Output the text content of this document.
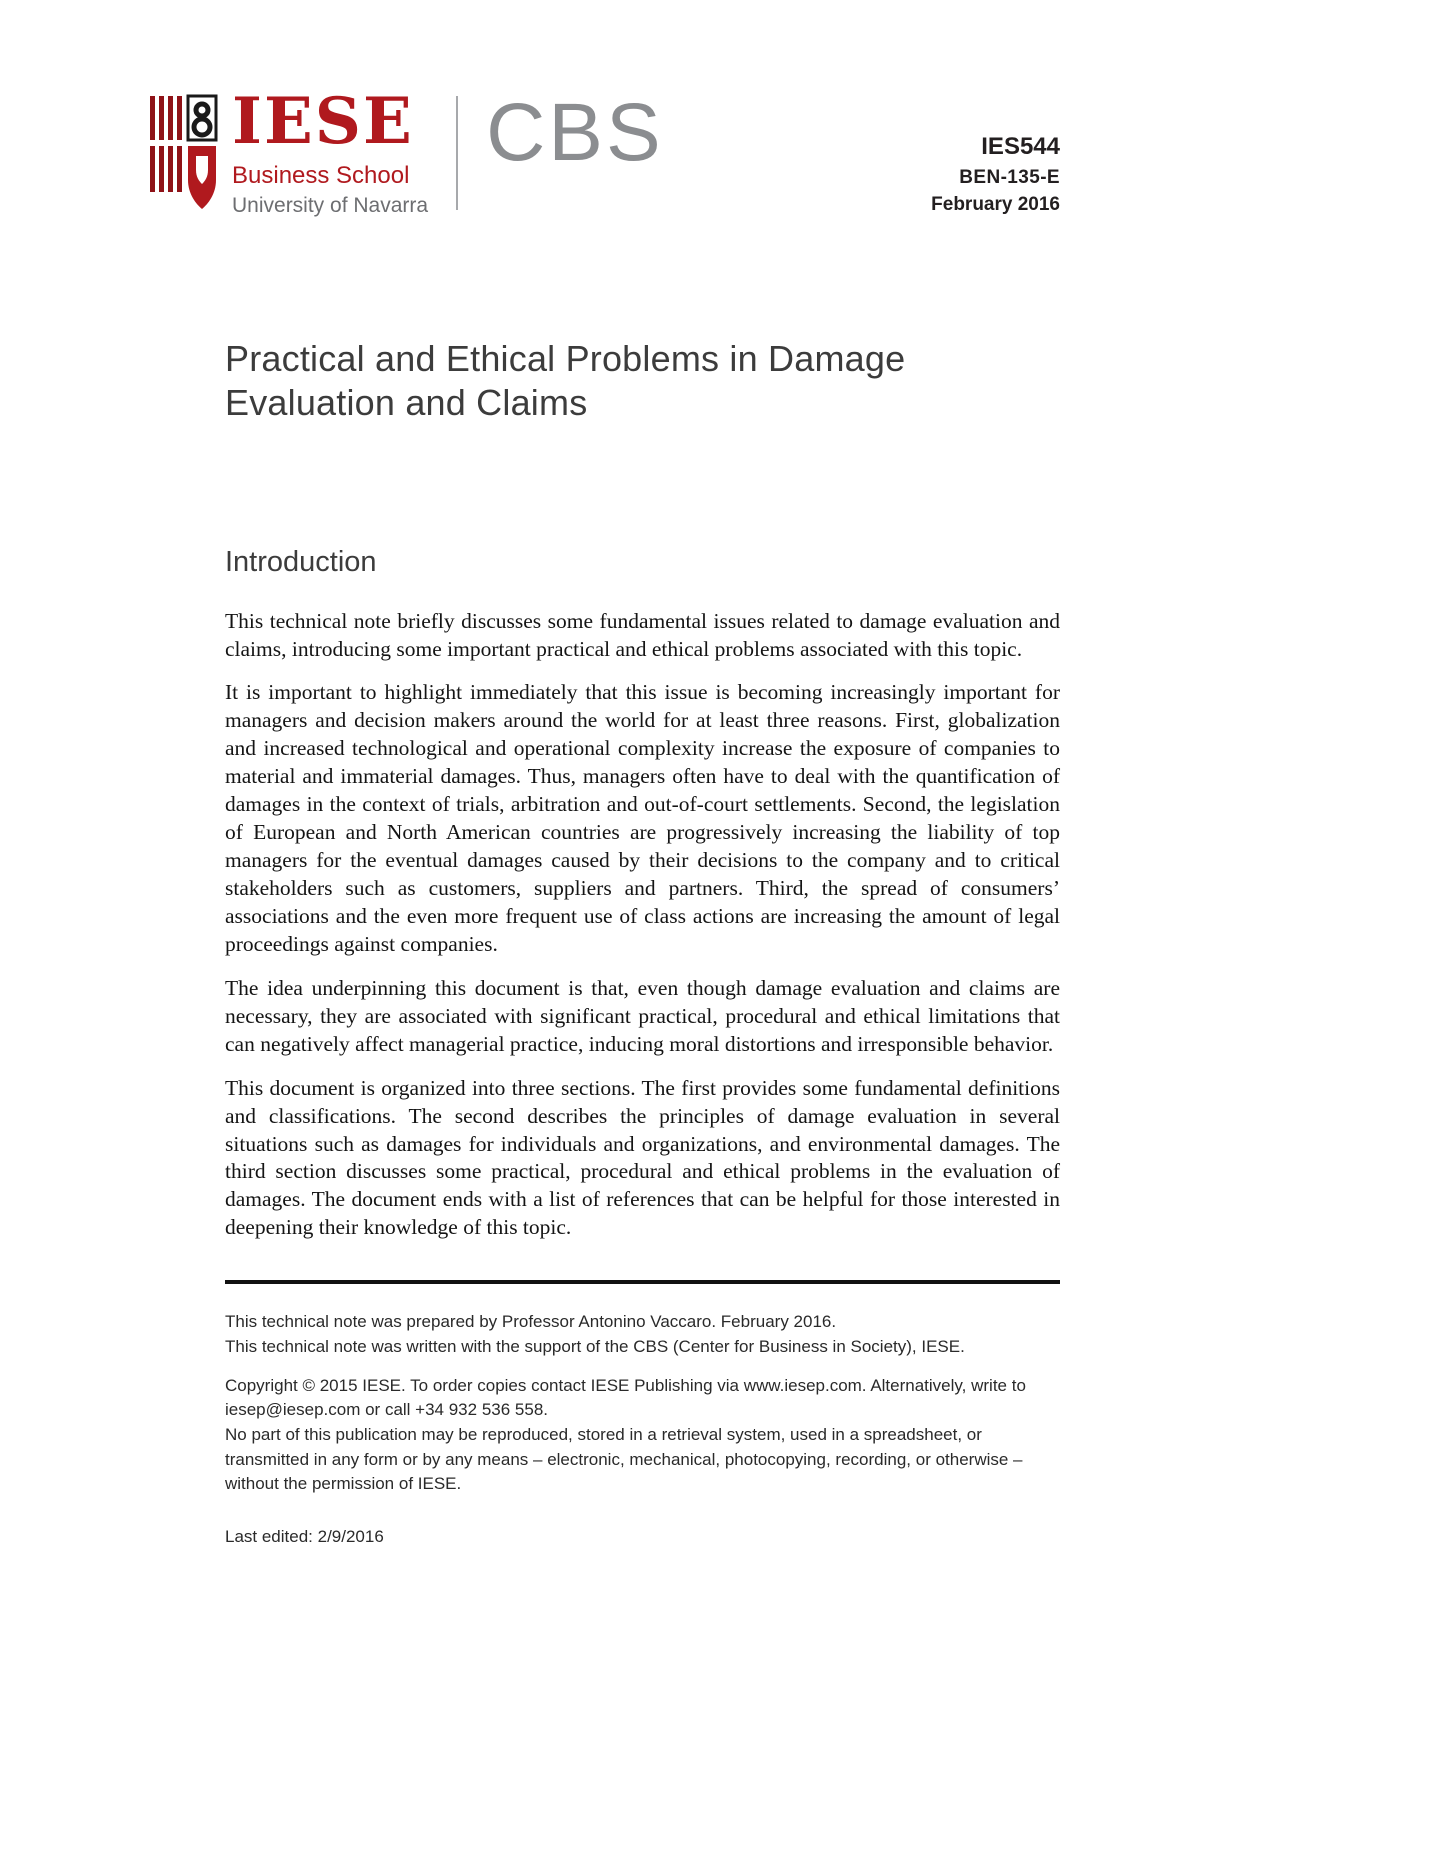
IESE
Business School
University of Navarra
CBS	IES544
BEN-135-E
February 2016
Practical and Ethical Problems in Damage Evaluation and Claims
Introduction

This technical note briefly discusses some fundamental issues related to damage evaluation and claims, introducing some important practical and ethical problems associated with this topic.

It is important to highlight immediately that this issue is becoming increasingly important for managers and decision makers around the world for at least three reasons. First, globalization and increased technological and operational complexity increase the exposure of companies to material and immaterial damages. Thus, managers often have to deal with the quantification of damages in the context of trials, arbitration and out-of-court settlements. Second, the legislation of European and North American countries are progressively increasing the liability of top managers for the eventual damages caused by their decisions to the company and to critical stakeholders such as customers, suppliers and partners. Third, the spread of consumers’ associations and the even more frequent use of class actions are increasing the amount of legal proceedings against companies.

The idea underpinning this document is that, even though damage evaluation and claims are necessary, they are associated with significant practical, procedural and ethical limitations that can negatively affect managerial practice, inducing moral distortions and irresponsible behavior.

This document is organized into three sections. The first provides some fundamental definitions and classifications. The second describes the principles of damage evaluation in several situations such as damages for individuals and organizations, and environmental damages. The third section discusses some practical, procedural and ethical problems in the evaluation of damages. The document ends with a list of references that can be helpful for those interested in deepening their knowledge of this topic.

This technical note was prepared by Professor Antonino Vaccaro. February 2016.
This technical note was written with the support of the CBS (Center for Business in Society), IESE.
Copyright © 2015 IESE. To order copies contact IESE Publishing via www.iesep.com. Alternatively, write to iesep@iesep.com or call +34 932 536 558.
No part of this publication may be reproduced, stored in a retrieval system, used in a spreadsheet, or transmitted in any form or by any means – electronic, mechanical, photocopying, recording, or otherwise – without the permission of IESE.
Last edited: 2/9/2016
